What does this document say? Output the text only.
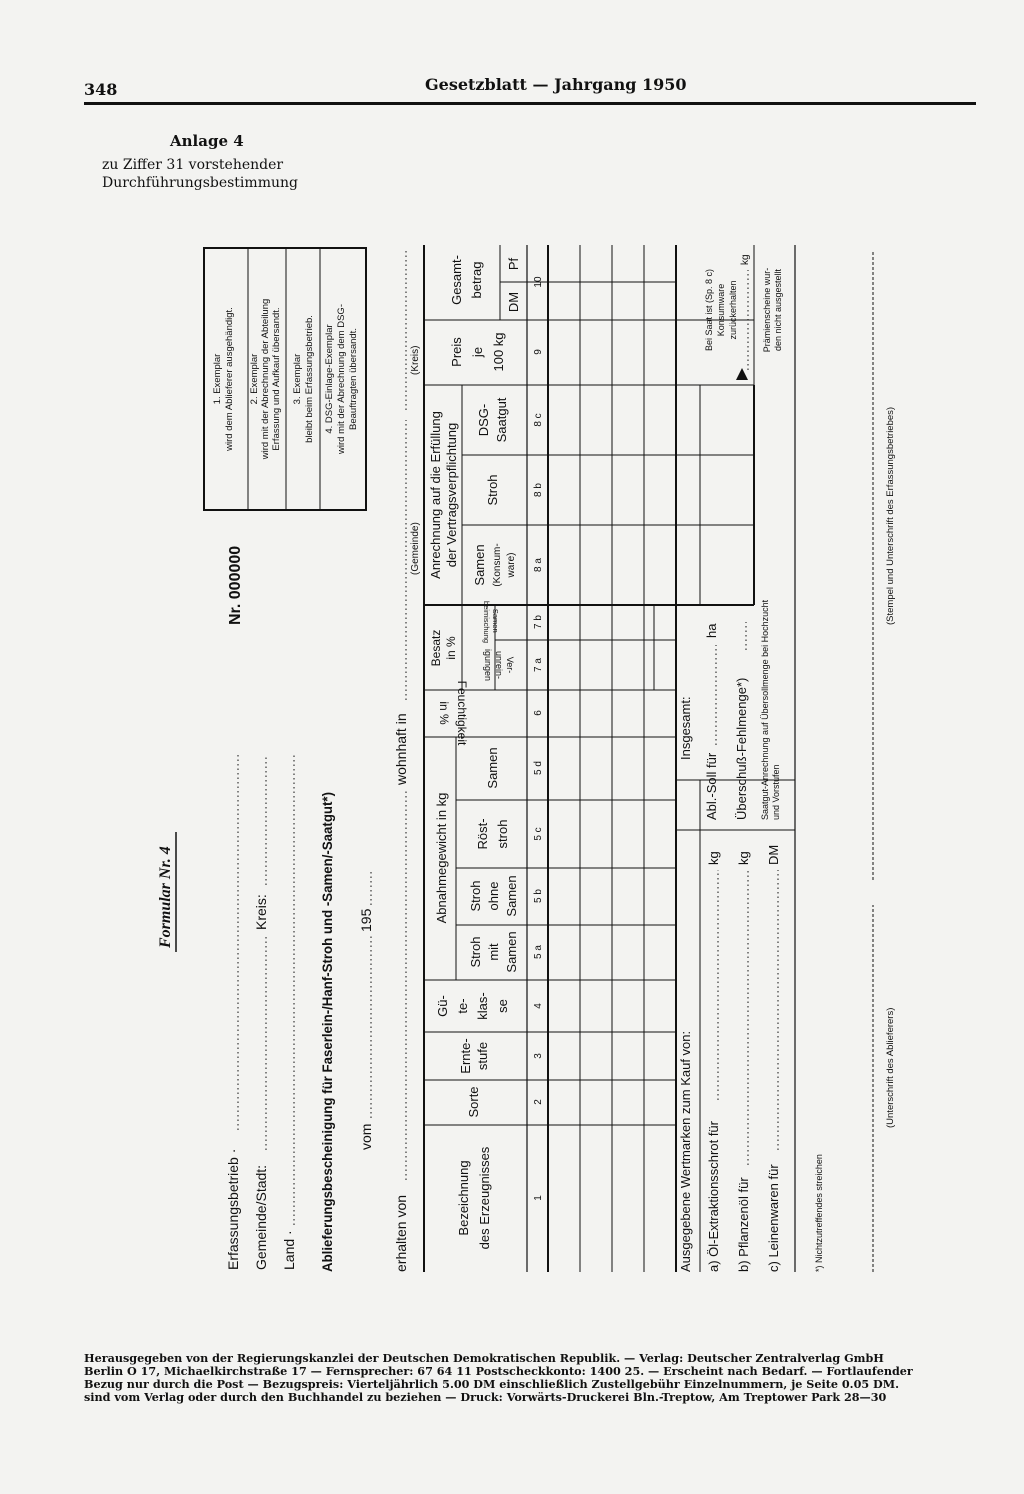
348	Gesetzblatt — Jahrgang 1950
Anlage 4
zu Ziffer 31 vorstehender
Durchführungsbestimmung
Formular Nr. 4
Nr. 000000
1. Exemplar wird dem Ablieferer ausgehändigt. 2. Exemplar wird mit der Abrechnung der Abteilung Erfassung und Aufkauf übersandt. 3. Exemplar bleibt beim Erfassungsbetrieb. 4. DSG-Einlage-Exemplar wird mit der Abrechnung dem DSG- Beauftragten übersandt.
Erfassungsbetrieb · Gemeinde/Stadt:
Kreis:
Land · Ablieferungsbescheinigung für Faserlein-/Hanf-Stroh und -Samen/-Saatgut*) vom
195
erhalten von
wohnhaft in
(Gemeinde)
(Kreis)
Bezeichnung des Erzeugnisses
Sorte
Ernte- stufe
Gü- te- klas- se
Abnahmegewicht in kg
Stroh mit Samen
Stroh ohne Samen
Röst- stroh
Samen
Feuchtigkeit
in %
Besatz in %
Ver-
unrein-
igungen
Samen-
beimischung
Anrechnung auf die Erfüllung der Vertragsverpflichtung Samen (Konsum- ware)
Stroh
DSG- Saatgut
Preis je 100 kg
Gesamt- betrag
DM
Pf
1
2
3
4
5 a
5 b
5 c
5 d
6
7 a
7 b
8 a
8 b
8 c
9
10
Ausgegebene Wertmarken zum Kauf von: a) Öl-Extraktionsschrot für
kg
b) Pflanzenöl für
kg
c) Leinenwaren für
DM
Insgesamt:
Abl.-Soll für
ha
Überschuß-Fehlmenge*) Saatgut-Anrechnung auf Übersollmenge bei Hochzucht und Vorstufen
Bei Saat ist (Sp. 8 c) Konsumware zurückerhalten	Prämienscheine wur- den nicht ausgestellt
kg
*) Nichtzutreffendes streichen
(Unterschrift des Ablieferers)
(Stempel und Unterschrift des Erfassungsbetriebes)
Herausgegeben von der Regierungskanzlei der Deutschen Demokratischen Republik. — Verlag: Deutscher Zentralverlag GmbH
Berlin O 17, Michaelkirchstraße 17 — Fernsprecher: 67 64 11 Postscheckkonto: 1400 25. — Erscheint nach Bedarf. — Fortlaufender
Bezug nur durch die Post — Bezugspreis: Vierteljährlich 5.00 DM einschließlich Zustellgebühr Einzelnummern, je Seite 0.05 DM.
sind vom Verlag oder durch den Buchhandel zu beziehen — Druck: Vorwärts-Druckerei Bln.-Treptow, Am Treptower Park 28—30
